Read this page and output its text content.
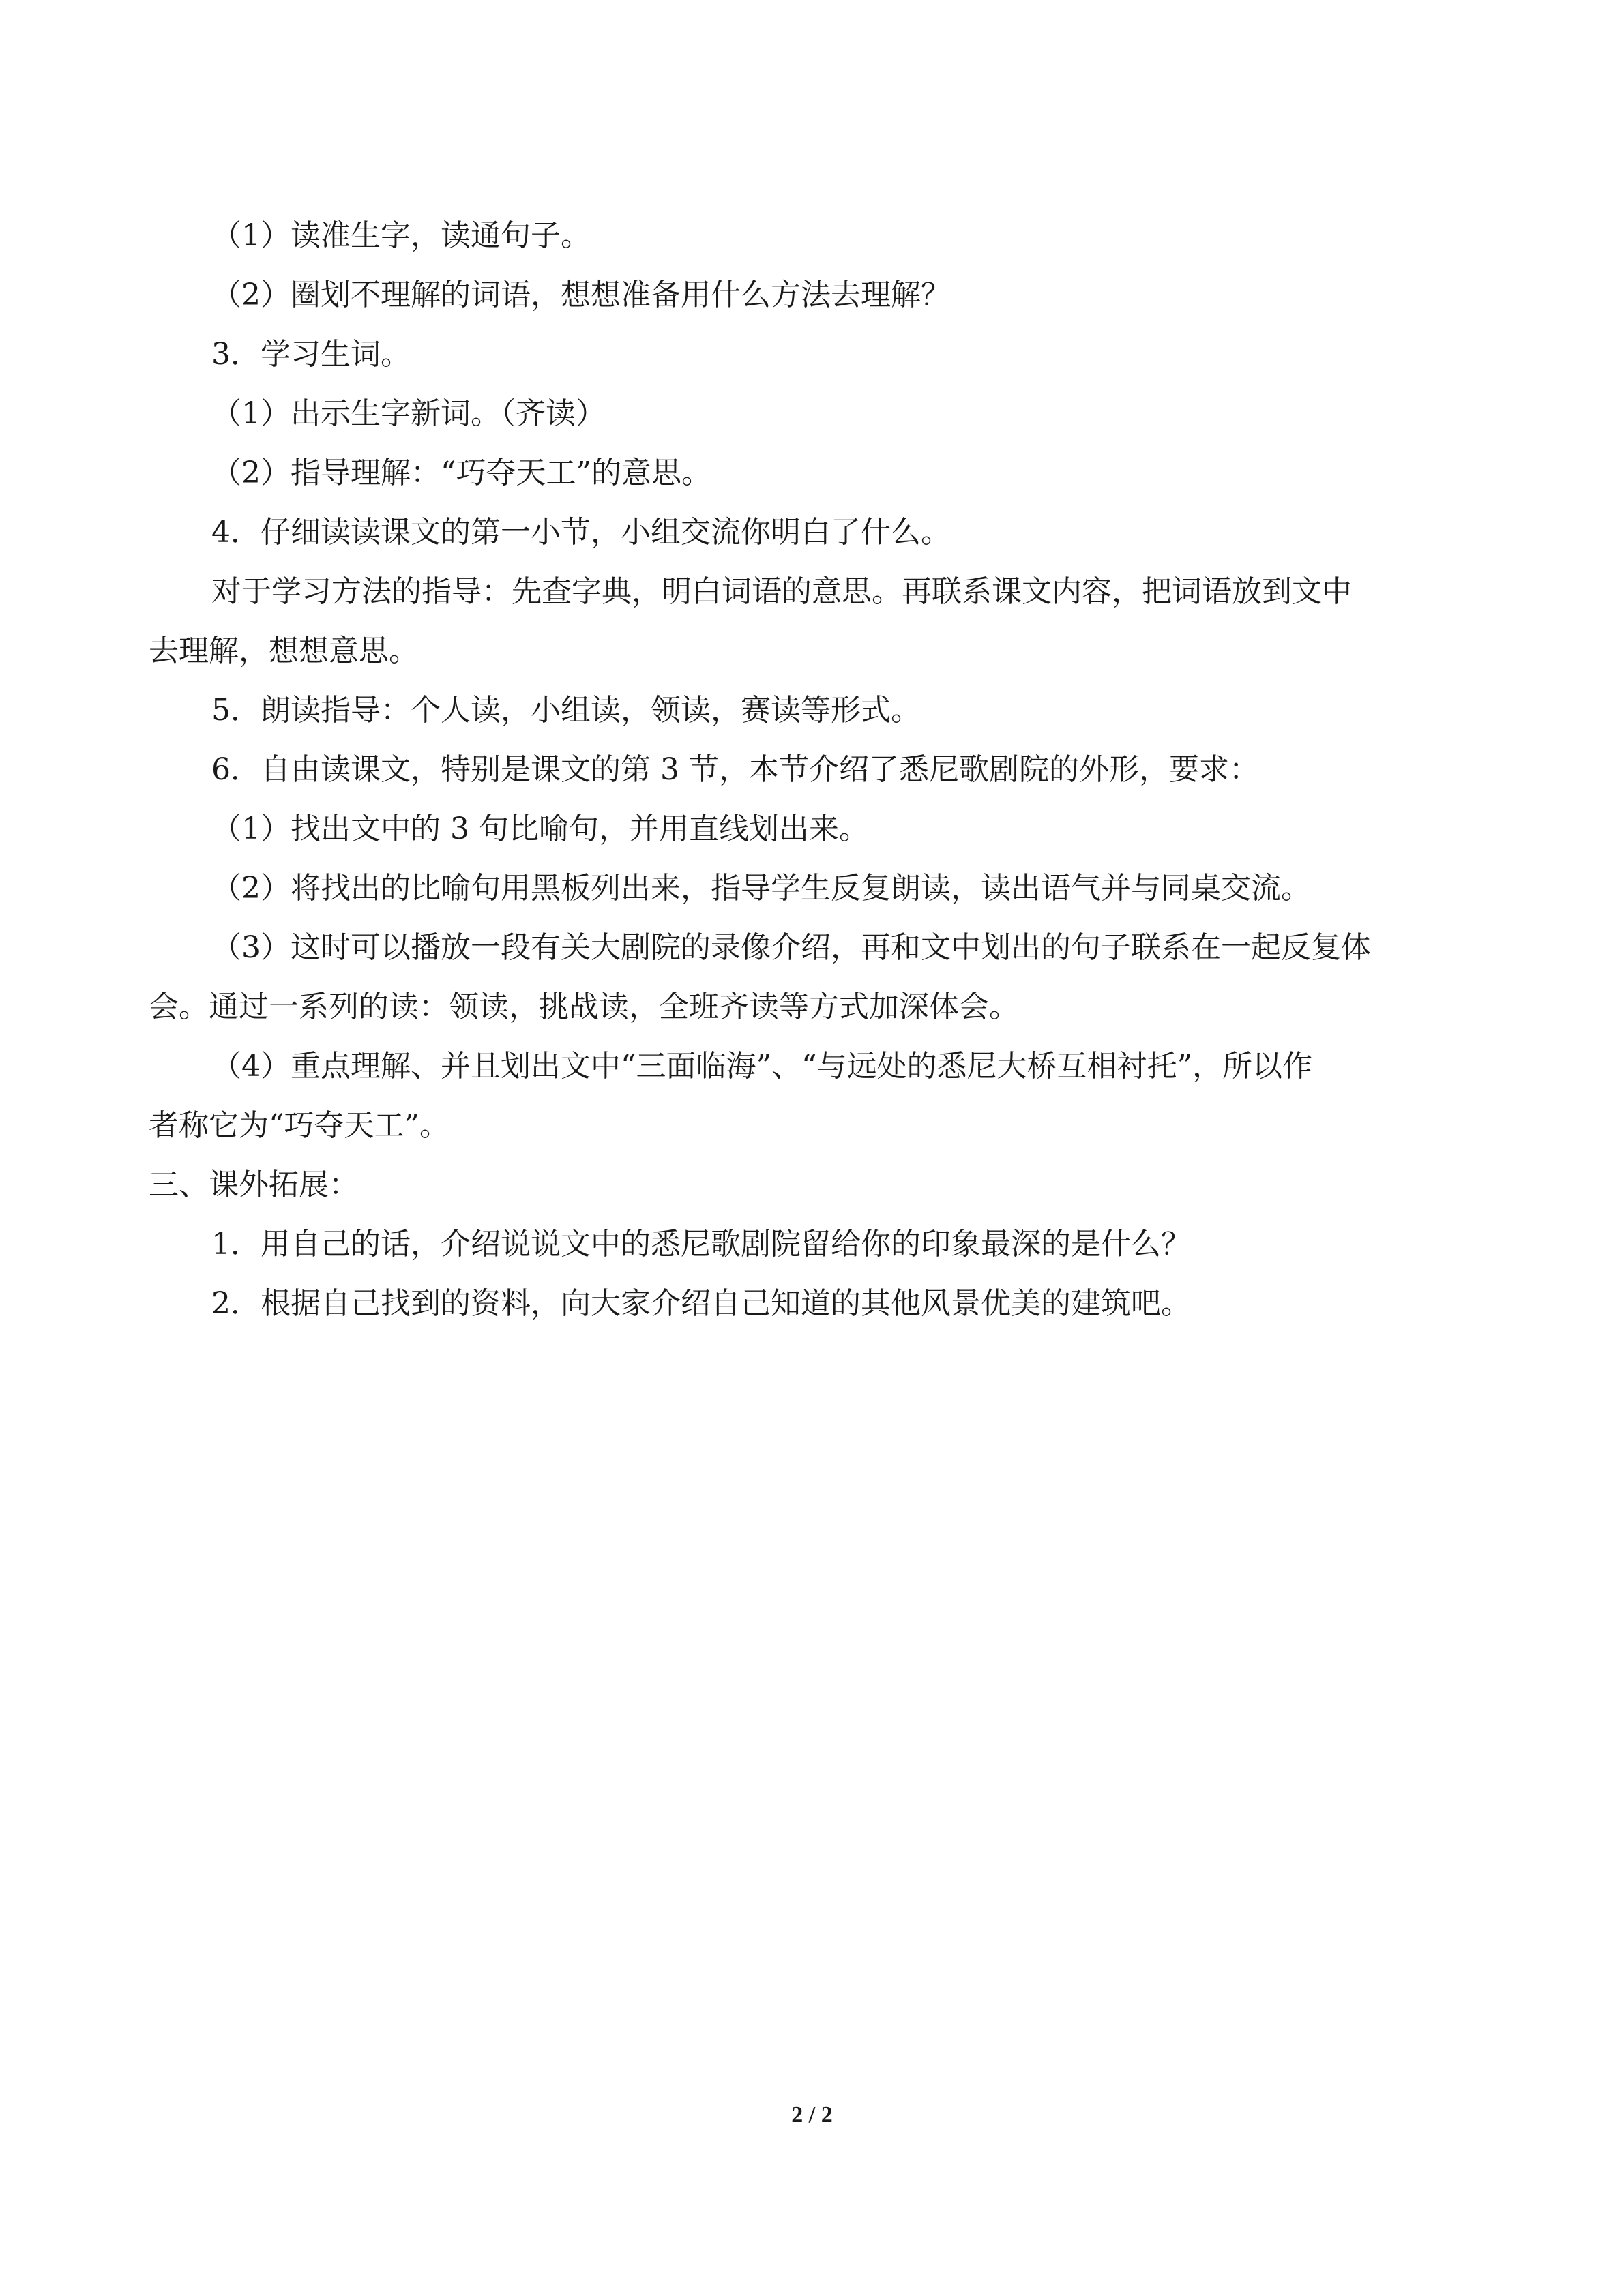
（1）读准生字，读通句子。
（2）圈划不理解的词语，想想准备用什么方法去理解？
3．学习生词。
（1）出示生字新词。（齐读）
（2）指导理解：“巧夺天工”的意思。
4．仔细读读课文的第一小节，小组交流你明白了什么。
对于学习方法的指导：先查字典，明白词语的意思。再联系课文内容，把词语放到文中
去理解，想想意思。
5．朗读指导：个人读，小组读，领读，赛读等形式。
6．自由读课文，特别是课文的第 3 节，本节介绍了悉尼歌剧院的外形，要求：
（1）找出文中的 3 句比喻句，并用直线划出来。
（2）将找出的比喻句用黑板列出来，指导学生反复朗读，读出语气并与同桌交流。
（3）这时可以播放一段有关大剧院的录像介绍，再和文中划出的句子联系在一起反复体
会。通过一系列的读：领读，挑战读，全班齐读等方式加深体会。
（4）重点理解、并且划出文中“三面临海”、“与远处的悉尼大桥互相衬托”，所以作
者称它为“巧夺天工”。
三、课外拓展：
1．用自己的话，介绍说说文中的悉尼歌剧院留给你的印象最深的是什么？
2．根据自己找到的资料，向大家介绍自己知道的其他风景优美的建筑吧。
2 / 2
